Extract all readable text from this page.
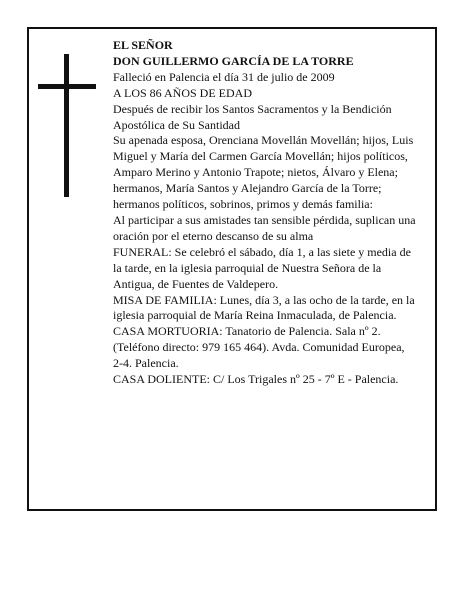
EL SEÑOR

DON GUILLERMO GARCÍA DE LA TORRE

Falleció en Palencia el día 31 de julio de 2009

A LOS 86 AÑOS DE EDAD

Después de recibir los Santos Sacramentos y la Bendición Apostólica de Su Santidad

Su apenada esposa, Orenciana Movellán Movellán; hijos, Luis Miguel y María del Carmen García Movellán; hijos políticos, Amparo Merino y Antonio Trapote; nietos, Álvaro y Elena; hermanos, María Santos y Alejandro García de la Torre; hermanos políticos, sobrinos, primos y demás familia:

Al participar a sus amistades tan sensible pérdida, suplican una oración por el eterno descanso de su alma

FUNERAL: Se celebró el sábado, día 1, a las siete y media de la tarde, en la iglesia parroquial de Nuestra Señora de la Antigua, de Fuentes de Valdepero.

MISA DE FAMILIA: Lunes, día 3, a las ocho de la tarde, en la iglesia parroquial de María Reina Inmaculada, de Palencia.

CASA MORTUORIA: Tanatorio de Palencia. Sala nº 2. (Teléfono directo: 979 165 464). Avda. Comunidad Europea, 2-4. Palencia.

CASA DOLIENTE: C/ Los Trigales nº 25 - 7º E - Palencia.
